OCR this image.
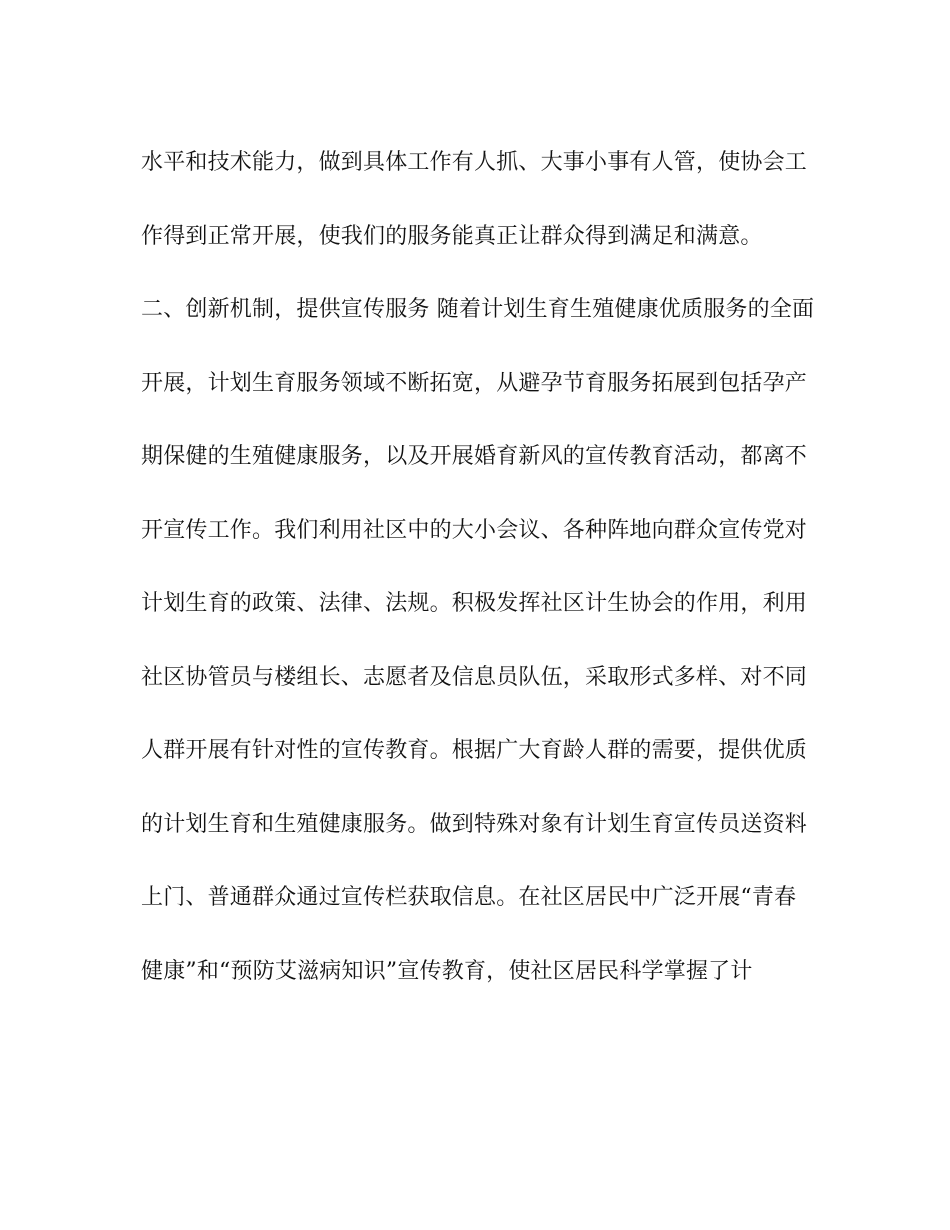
水平和技术能力，做到具体工作有人抓、大事小事有人管，使协会工
作得到正常开展，使我们的服务能真正让群众得到满足和满意。
二、创新机制，提供宣传服务 随着计划生育生殖健康优质服务的全面
开展，计划生育服务领域不断拓宽，从避孕节育服务拓展到包括孕产
期保健的生殖健康服务，以及开展婚育新风的宣传教育活动，都离不
开宣传工作。我们利用社区中的大小会议、各种阵地向群众宣传党对
计划生育的政策、法律、法规。积极发挥社区计生协会的作用，利用
社区协管员与楼组长、志愿者及信息员队伍，采取形式多样、对不同
人群开展有针对性的宣传教育。根据广大育龄人群的需要，提供优质
的计划生育和生殖健康服务。做到特殊对象有计划生育宣传员送资料
上门、普通群众通过宣传栏获取信息。在社区居民中广泛开展“青春
健康”和“预防艾滋病知识”宣传教育，使社区居民科学掌握了计
